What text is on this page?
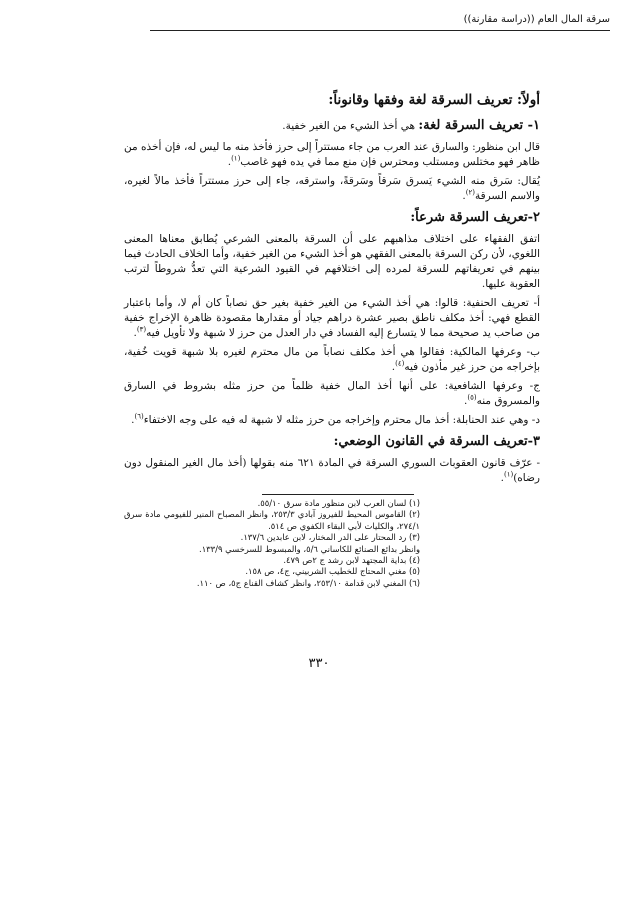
سرقة المال العام ((دراسة مقارنة))
أولاً: تعريف السرقة لغة وفقها وقانوناً:
١- تعريف السرقة لغة: هي أخذ الشيء من الغير خفية.

قال ابن منظور: والسارق عند العرب من جاء مستتراً إلى حرز فأخذ منه ما ليس له، فإن أخذه من ظاهر فهو مختلس ومستلب ومحترس فإن منع مما في يده فهو غاصب$^{(١)}$.

يُقال: سَرق منه الشيء يَسرق سَرقاً وسَرقةً، واسترقه، جاء إلى حرز مستتراً فأخذ مالاً لغيره، والاسم السرقة$^{(٢)}$.

٢-تعريف السرقة شرعاً:

اتفق الفقهاء على اختلاف مذاهبهم على أن السرقة بالمعنى الشرعي يُطابق معناها المعنى اللغوي، لأن ركن السرقة بالمعنى الفقهي هو أخذ الشيء من الغير خفية، وأما الخلاف الحادث فيما بينهم في تعريفاتهم للسرقة لمرده إلى اختلافهم في القيود الشرعية التي تعدُّ شروطاً لترتب العقوبة عليها.

أ- تعريف الحنفية: قالوا: هي أخذ الشيء من الغير خفية بغير حق نصاباً كان أم لا، وأما باعتبار القطع فهي: أخذ مكلف ناطق بصير عشرة دراهم جياد أو مقدارها مقصودة ظاهرة الإخراج خفية من صاحب يد صحيحة مما لا يتسارع إليه الفساد في دار العدل من حرز لا شبهة ولا تأويل فيه$^{(٣)}$.

ب- وعرفها المالكية: فقالوا هي أخذ مكلف نصاباً من مال محترم لغيره بلا شبهة قويت خُفية، بإخراجه من حرز غير مأذون فيه$^{(٤)}$.

ج- وعرفها الشافعية: على أنها أخذ المال خفية ظلماً من حرز مثله بشروط في السارق والمسروق منه$^{(٥)}$.

د- وهي عند الحنابلة: أخذ مال محترم وإخراجه من حرز مثله لا شبهة له فيه على وجه الاختفاء$^{(٦)}$.

٣-تعريف السرقة في القانون الوضعي:

- عرّف قانون العقوبات السوري السرقة في المادة ٦٢١ منه بقولها (أخذ مال الغير المنقول دون رضاه)$^{(١)}$.

(١) لسان العرب لابن منظور مادة سرق ٥٥/١٠.

(٢) القاموس المحيط للفيروز آبادي ٢٥٣/٣، وانظر المصباح المنير للفيومي مادة سرق ٢٧٤/١، والكليات لأبي البقاء الكفوي ص ٥١٤.

(٣) رد المحتار على الدر المختار، لابن عابدين ١٣٧/٦.

وانظر بدائع الصنائع للكاساني ٥/٦، والمبسوط للسرخسي ١٣٣/٩.

(٤) بداية المجتهد لابن رشد ج ٢ص ٤٧٩.

(٥) مغني المحتاج للخطيب الشربيني، ج٤، ص ١٥٨.

(٦) المغني لابن قدامة ٢٥٣/١٠، وانظر كشاف القناع ج٥، ص ١١٠.

٣٣٠
